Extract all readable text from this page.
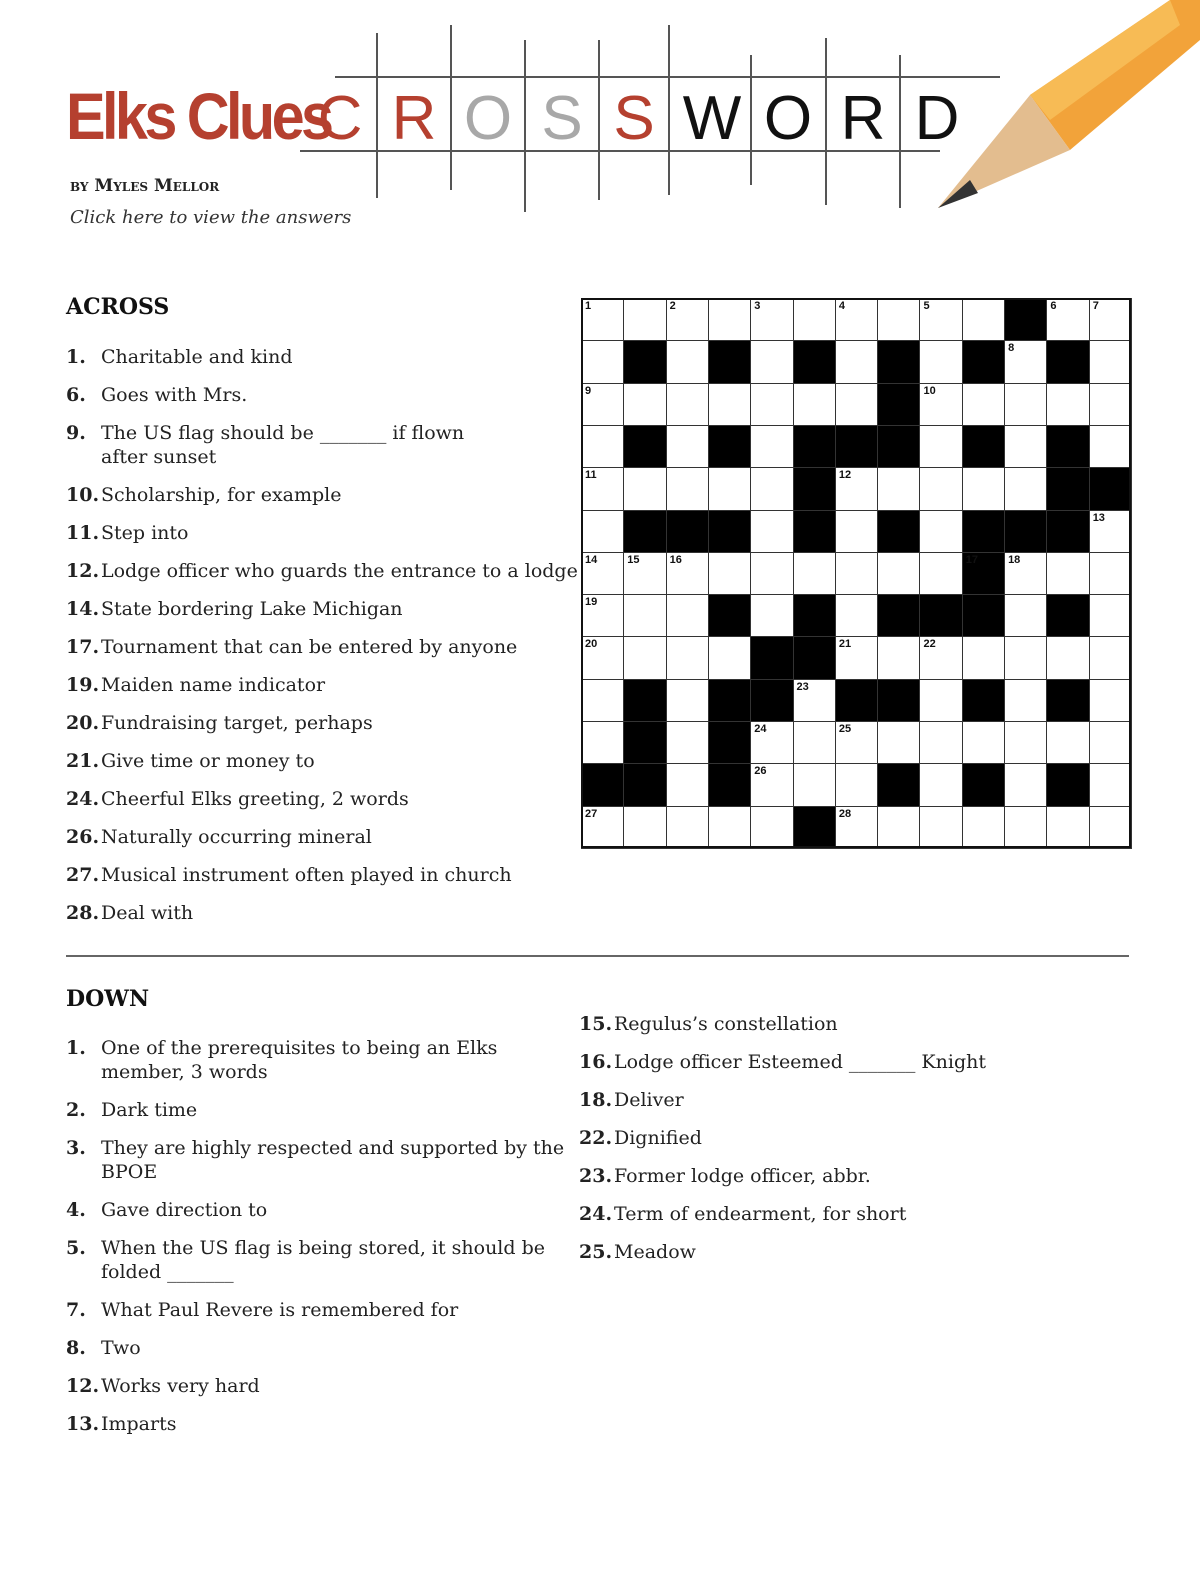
Elks Clues
C R O S S W O R D
by Myles Mellor
Click here to view the answers
ACROSS
1. Charitable and kind
6. Goes with Mrs.
9. The US flag should be _______ if flown
after sunset
10. Scholarship, for example
11. Step into
12. Lodge officer who guards the entrance to a lodge
14. State bordering Lake Michigan
17. Tournament that can be entered by anyone
19. Maiden name indicator
20. Fundraising target, perhaps
21. Give time or money to
24. Cheerful Elks greeting, 2 words
26. Naturally occurring mineral
27. Musical instrument often played in church
28. Deal with
1	2	3	4	5	6	7
8
9	10
11	12
13
14	15	16	17	18
19
20	21	22
23
24	25
26
27	28
DOWN
1. One of the prerequisites to being an Elks
member, 3 words
2. Dark time
3. They are highly respected and supported by the
BPOE
4. Gave direction to
5. When the US flag is being stored, it should be
folded _______
7. What Paul Revere is remembered for
8. Two
12. Works very hard
13. Imparts
15. Regulus’s constellation
16. Lodge officer Esteemed _______ Knight
18. Deliver
22. Dignified
23. Former lodge officer, abbr.
24. Term of endearment, for short
25. Meadow
